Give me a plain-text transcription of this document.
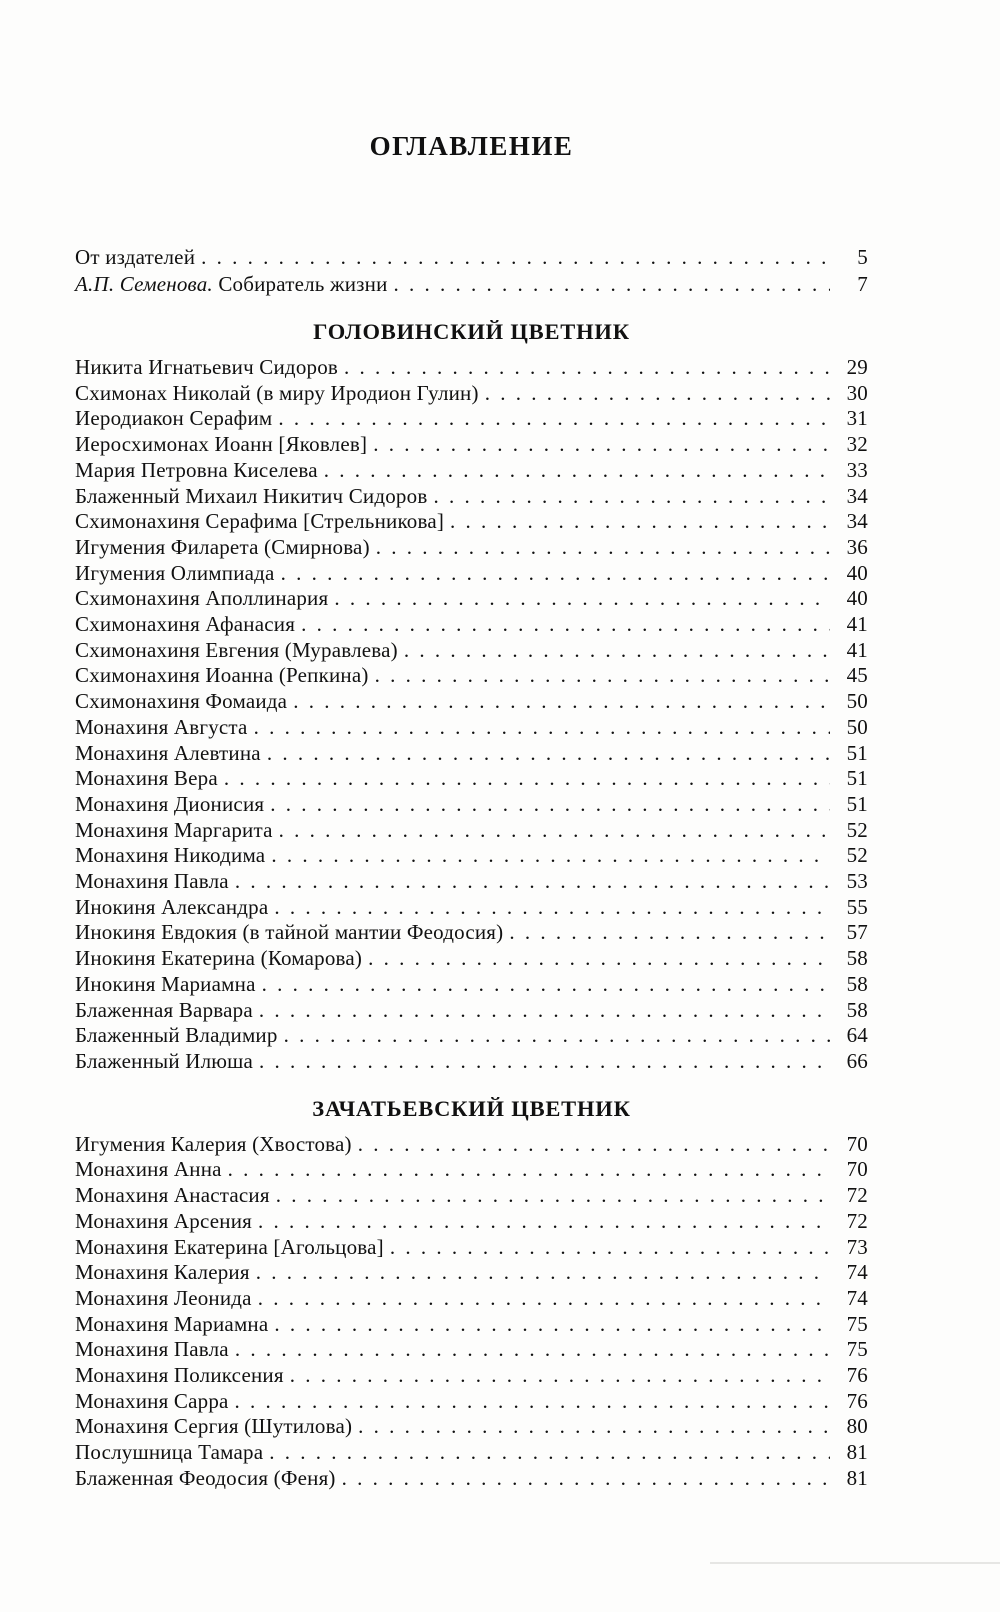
ОГЛАВЛЕНИЕ
От издателей . . .	5
А.П. Семенова. Собиратель жизни . . .	7
ГОЛОВИНСКИЙ ЦВЕТНИК
Никита Игнатьевич Сидоров . . .	29
Схимонах Николай (в миру Иродион Гулин) . . .	30
Иеродиакон Серафим . . .	31
Иеросхимонах Иоанн [Яковлев] . . .	32
Мария Петровна Киселева . . .	33
Блаженный Михаил Никитич Сидоров . . .	34
Схимонахиня Серафима [Стрельникова] . . .	34
Игумения Филарета (Смирнова) . . .	36
Игумения Олимпиада . . .	40
Схимонахиня Аполлинария . . .	40
Схимонахиня Афанасия . . .	41
Схимонахиня Евгения (Муравлева) . . .	41
Схимонахиня Иоанна (Репкина) . . .	45
Схимонахиня Фомаида . . .	50
Монахиня Августа . . .	50
Монахиня Алевтина . . .	51
Монахиня Вера . . .	51
Монахиня Дионисия . . .	51
Монахиня Маргарита . . .	52
Монахиня Никодима . . .	52
Монахиня Павла . . .	53
Инокиня Александра . . .	55
Инокиня Евдокия (в тайной мантии Феодосия) . . .	57
Инокиня Екатерина (Комарова) . . .	58
Инокиня Мариамна . . .	58
Блаженная Варвара . . .	58
Блаженный Владимир . . .	64
Блаженный Илюша . . .	66
ЗАЧАТЬЕВСКИЙ ЦВЕТНИК
Игумения Калерия (Хвостова) . . .	70
Монахиня Анна . . .	70
Монахиня Анастасия . . .	72
Монахиня Арсения . . .	72
Монахиня Екатерина [Агольцова] . . .	73
Монахиня Калерия . . .	74
Монахиня Леонида . . .	74
Монахиня Мариамна . . .	75
Монахиня Павла . . .	75
Монахиня Поликсения . . .	76
Монахиня Сарра . . .	76
Монахиня Сергия (Шутилова) . . .	80
Послушница Тамара . . .	81
Блаженная Феодосия (Феня) . . .	81
